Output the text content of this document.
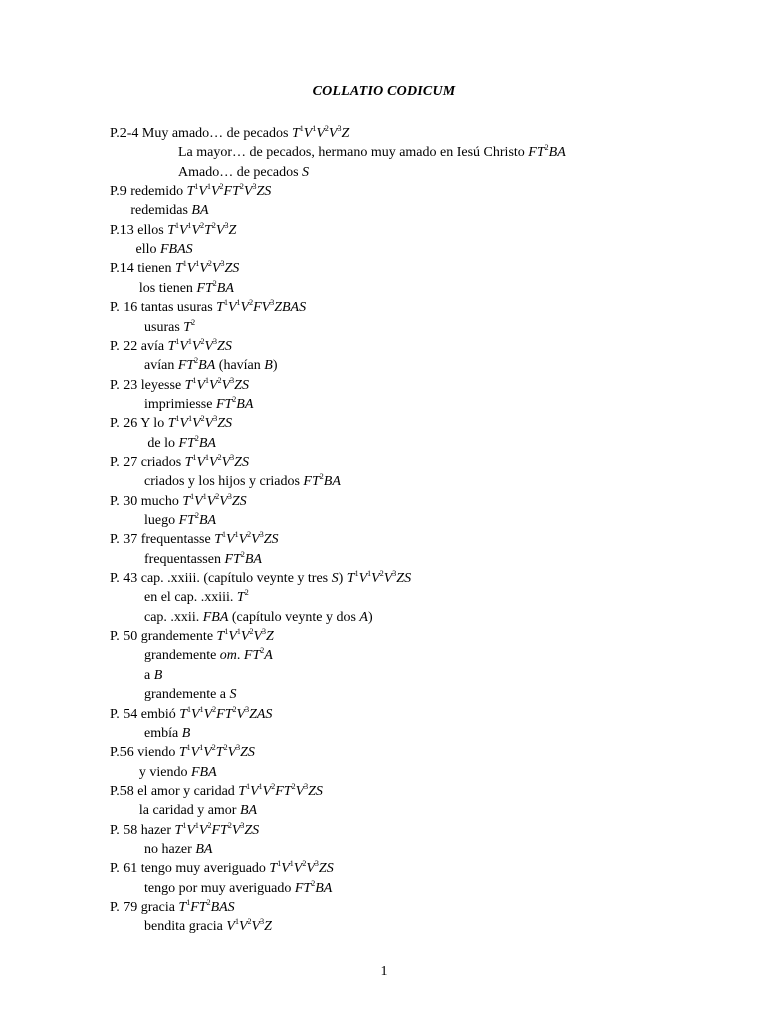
COLLATIO CODICUM
P.2-4 Muy amado… de pecados $T^1V^1V^2V^3Z$
La mayor… de pecados, hermano muy amado en Iesú Christo $FT^2BA$
Amado… de pecados S
P.9 redemido $T^1V^1V^2FT^2V^3ZS$
redemidas BA
P.13 ellos $T^1V^1V^2T^2V^3Z$
ello FBAS
P.14 tienen $T^1V^1V^2V^3ZS$
los tienen $FT^2BA$
P. 16 tantas usuras $T^1V^1V^2FV^3ZBAS$
usuras $T^2$
P. 22 avía $T^1V^1V^2V^3ZS$
avían $FT^2BA$ (havían B)
P. 23 leyesse $T^1V^1V^2V^3ZS$
imprimiesse $FT^2BA$
P. 26 Y lo $T^1V^1V^2V^3ZS$
de lo $FT^2BA$
P. 27 criados $T^1V^1V^2V^3ZS$
criados y los hijos y criados $FT^2BA$
P. 30 mucho $T^1V^1V^2V^3ZS$
luego $FT^2BA$
P. 37 frequentasse $T^1V^1V^2V^3ZS$
frequentassen $FT^2BA$
P. 43 cap. .xxiii. (capítulo veynte y tres S) $T^1V^1V^2V^3ZS$
en el cap. .xxiii. $T^2$
cap. .xxii. FBA (capítulo veynte y dos A)
P. 50 grandemente $T^1V^1V^2V^3Z$
grandemente om. $FT^2A$
a B
grandemente a S
P. 54 embió $T^1V^1V^2FT^2V^3ZAS$
embía B
P.56 viendo $T^1V^1V^2T^2V^3ZS$
y viendo FBA
P.58 el amor y caridad $T^1V^1V^2FT^2V^3ZS$
la caridad y amor BA
P. 58 hazer $T^1V^1V^2FT^2V^3ZS$
no hazer BA
P. 61 tengo muy averiguado $T^1V^1V^2V^3ZS$
tengo por muy averiguado $FT^2BA$
P. 79 gracia $T^1FT^2BAS$
bendita gracia $V^1V^2V^3Z$
1
